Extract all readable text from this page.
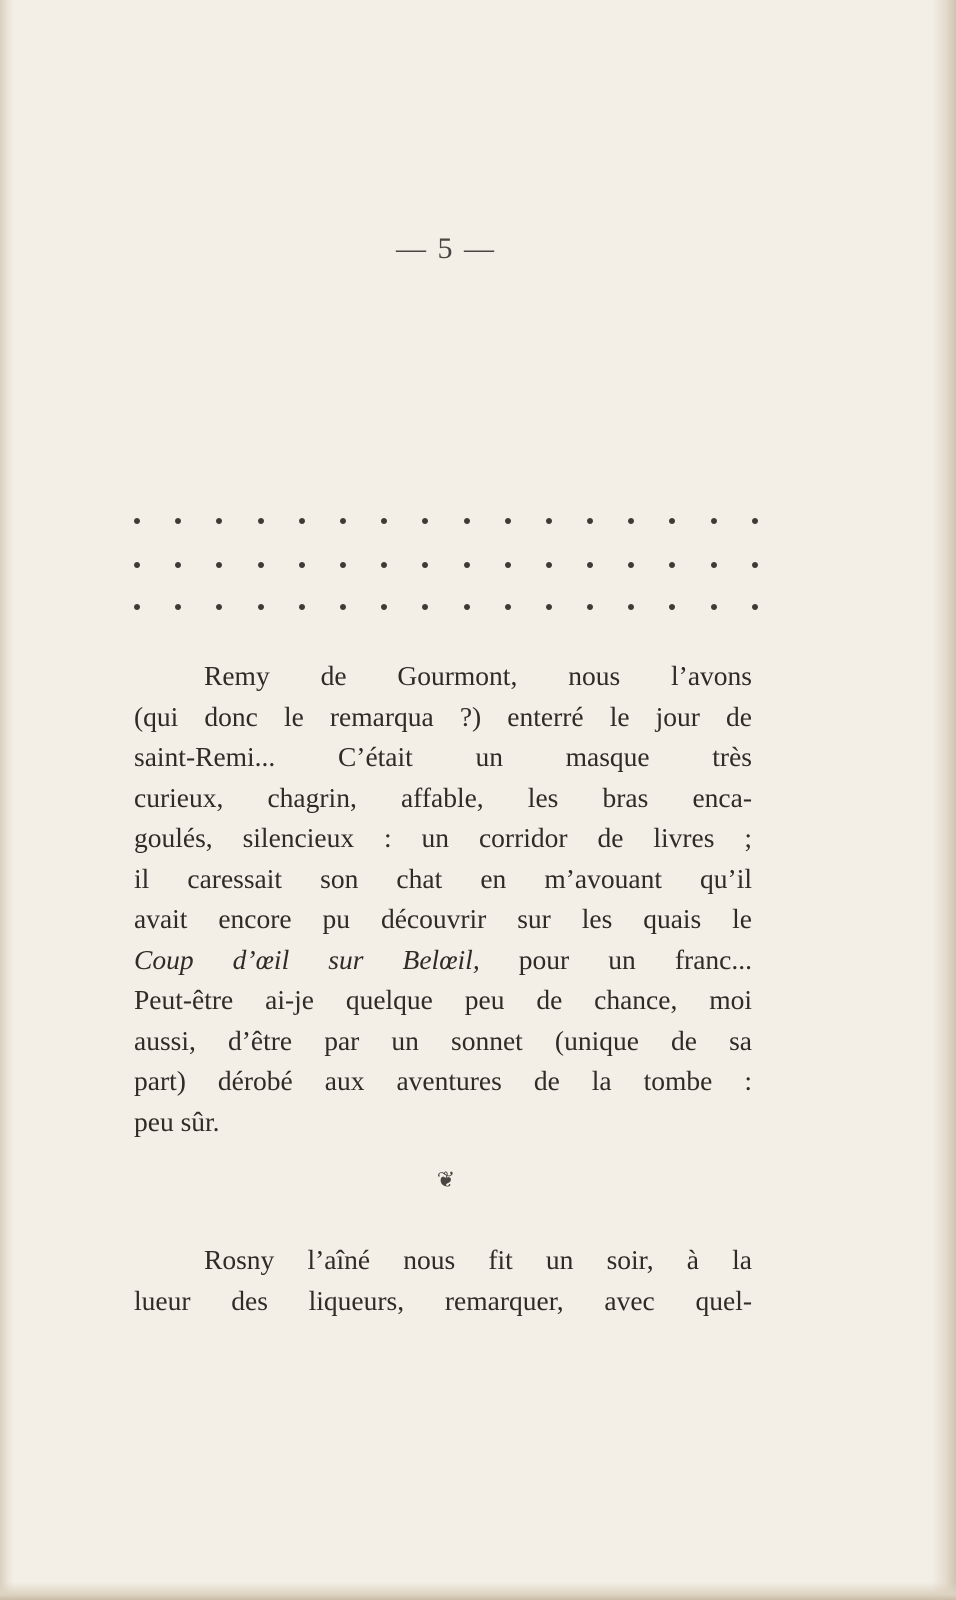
— 5 —
Remy de Gourmont, nous l’avons
(qui donc le remarqua ?) enterré le jour de
saint-Remi... C’était un masque très
curieux, chagrin, affable, les bras enca-
goulés, silencieux : un corridor de livres ;
il caressait son chat en m’avouant qu’il
avait encore pu découvrir sur les quais le
Coup d’œil sur Belœil, pour un franc...
Peut-être ai-je quelque peu de chance, moi
aussi, d’être par un sonnet (unique de sa
part) dérobé aux aventures de la tombe :
peu sûr.
❦
Rosny l’aîné nous fit un soir, à la
lueur des liqueurs, remarquer, avec quel-
